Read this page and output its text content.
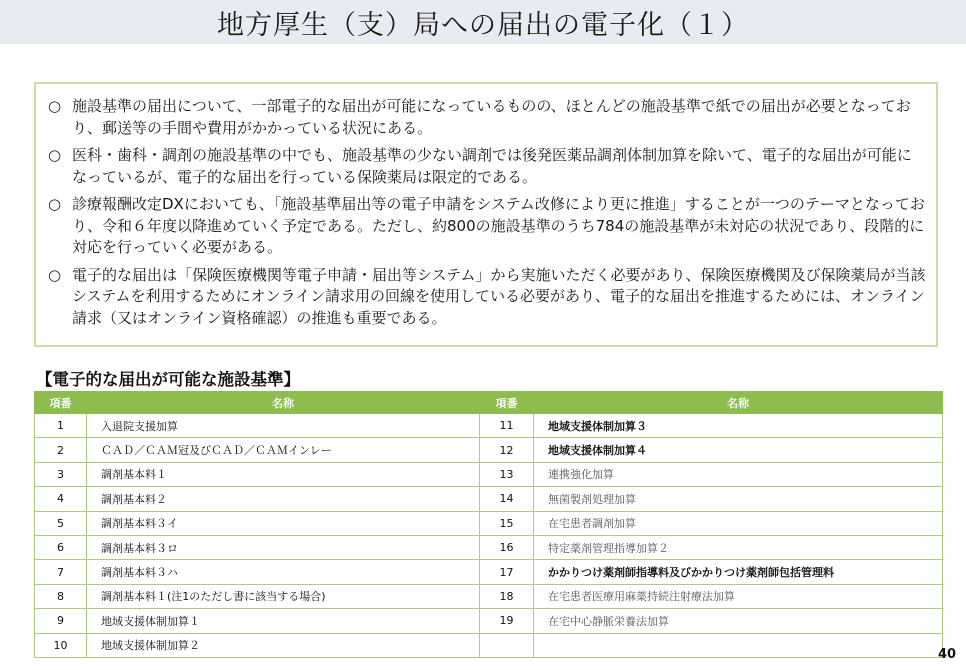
地方厚生（支）局への届出の電子化（１）

○ 施設基準の届出について、一部電子的な届出が可能になっているものの、ほとんどの施設基準で紙での届出が必要となっており、郵送等の手間や費用がかかっている状況にある。

○ 医科・歯科・調剤の施設基準の中でも、施設基準の少ない調剤では後発医薬品調剤体制加算を除いて、電子的な届出が可能になっているが、電子的な届出を行っている保険薬局は限定的である。

○ 診療報酬改定DXにおいても、「施設基準届出等の電子申請をシステム改修により更に推進」することが一つのテーマとなっており、令和６年度以降進めていく予定である。ただし、約800の施設基準のうち784の施設基準が未対応の状況であり、段階的に対応を行っていく必要がある。

○ 電子的な届出は「保険医療機関等電子申請・届出等システム」から実施いただく必要があり、保険医療機関及び保険薬局が当該システムを利用するためにオンライン請求用の回線を使用している必要があり、電子的な届出を推進するためには、オンライン請求（又はオンライン資格確認）の推進も重要である。

【電子的な届出が可能な施設基準】
項番	名称	項番	名称
1	入退院支援加算	11	地域支援体制加算３
2	ＣＡＤ／ＣＡＭ冠及びＣＡＤ／ＣＡＭインレー	12	地域支援体制加算４
3	調剤基本料１	13	連携強化加算
4	調剤基本料２	14	無菌製剤処理加算
5	調剤基本料３イ	15	在宅患者調剤加算
6	調剤基本料３ロ	16	特定薬剤管理指導加算２
7	調剤基本料３ハ	17	かかりつけ薬剤師指導料及びかかりつけ薬剤師包括管理料
8	調剤基本料１(注1のただし書に該当する場合)	18	在宅患者医療用麻薬持続注射療法加算
9	地域支援体制加算１	19	在宅中心静脈栄養法加算
10	地域支援体制加算２		
40
